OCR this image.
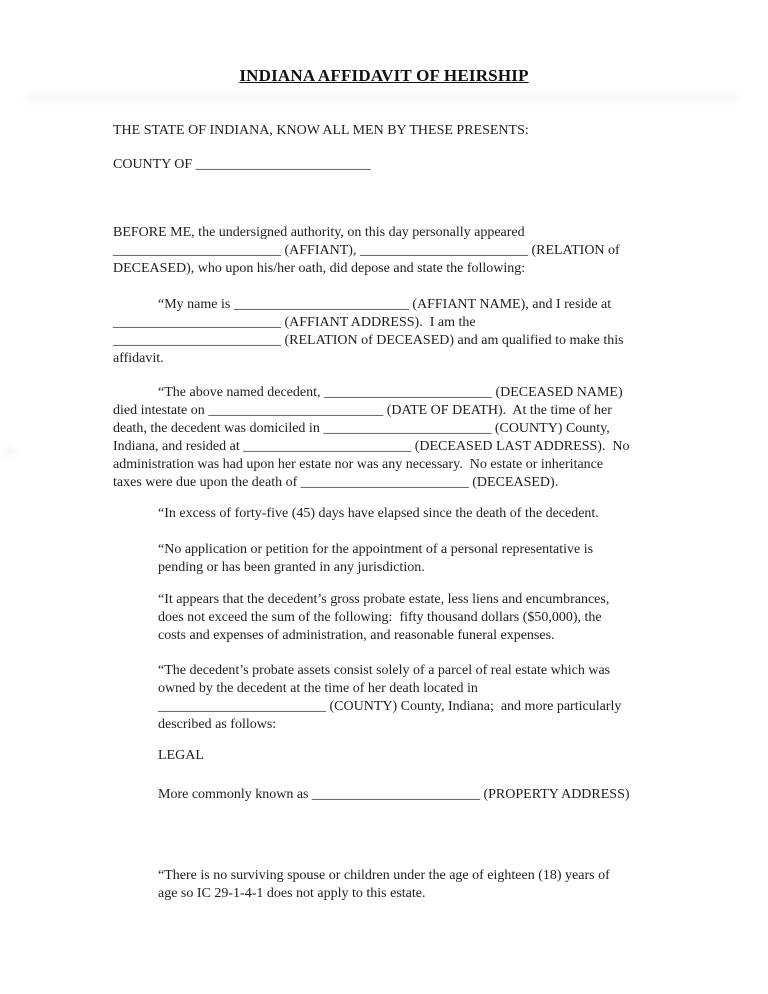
INDIANA AFFIDAVIT OF HEIRSHIP
THE STATE OF INDIANA, KNOW ALL MEN BY THESE PRESENTS:
COUNTY OF _________________________
BEFORE ME, the undersigned authority, on this day personally appeared
________________________ (AFFIANT), ________________________ (RELATION of
DECEASED), who upon his/her oath, did depose and state the following:
“My name is _________________________ (AFFIANT NAME), and I reside at
________________________ (AFFIANT ADDRESS).  I am the
________________________ (RELATION of DECEASED) and am qualified to make this
affidavit.
“The above named decedent, ________________________ (DECEASED NAME)
died intestate on _________________________ (DATE OF DEATH).  At the time of her
death, the decedent was domiciled in ________________________ (COUNTY) County,
Indiana, and resided at ________________________ (DECEASED LAST ADDRESS).  No
administration was had upon her estate nor was any necessary.  No estate or inheritance
taxes were due upon the death of ________________________ (DECEASED).
“In excess of forty-five (45) days have elapsed since the death of the decedent.
“No application or petition for the appointment of a personal representative is
pending or has been granted in any jurisdiction.
“It appears that the decedent’s gross probate estate, less liens and encumbrances,
does not exceed the sum of the following:  fifty thousand dollars ($50,000), the
costs and expenses of administration, and reasonable funeral expenses.
“The decedent’s probate assets consist solely of a parcel of real estate which was
owned by the decedent at the time of her death located in
________________________ (COUNTY) County, Indiana;  and more particularly
described as follows:
LEGAL
More commonly known as ________________________ (PROPERTY ADDRESS)
“There is no surviving spouse or children under the age of eighteen (18) years of
age so IC 29-1-4-1 does not apply to this estate.
